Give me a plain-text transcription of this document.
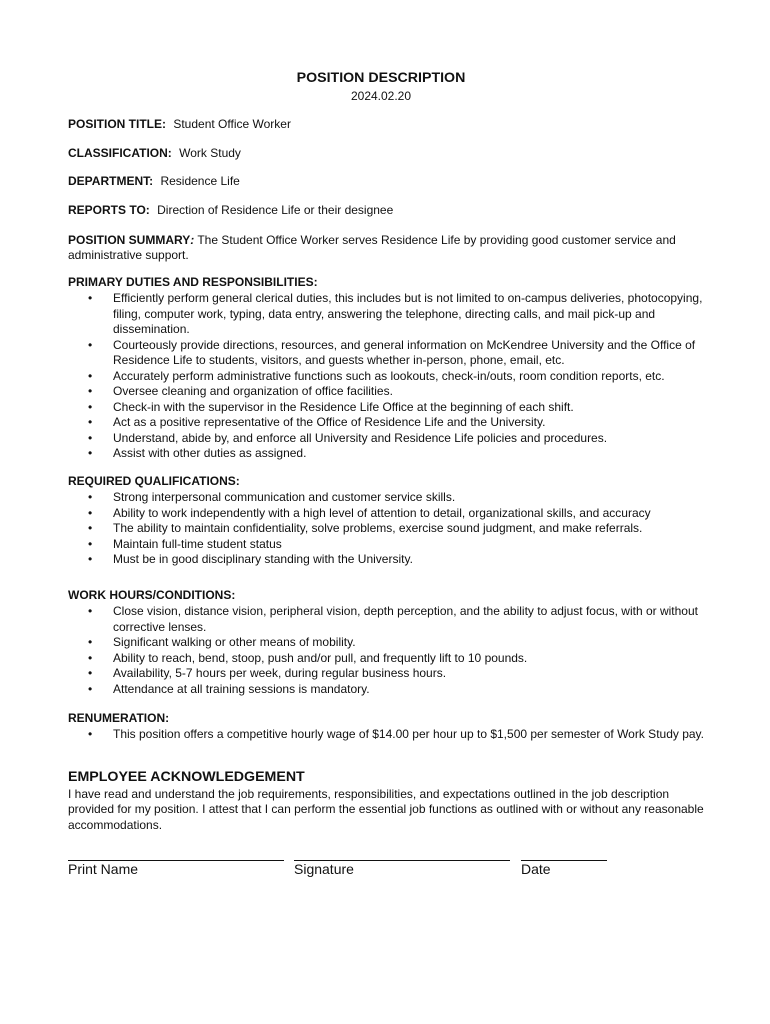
POSITION DESCRIPTION
2024.02.20
POSITION TITLE: Student Office Worker
CLASSIFICATION: Work Study
DEPARTMENT: Residence Life
REPORTS TO: Direction of Residence Life or their designee
POSITION SUMMARY: The Student Office Worker serves Residence Life by providing good customer service and administrative support.
PRIMARY DUTIES AND RESPONSIBILITIES:
• Efficiently perform general clerical duties, this includes but is not limited to on-campus deliveries, photocopying, filing, computer work, typing, data entry, answering the telephone, directing calls, and mail pick-up and dissemination.
• Courteously provide directions, resources, and general information on McKendree University and the Office of Residence Life to students, visitors, and guests whether in-person, phone, email, etc.
• Accurately perform administrative functions such as lookouts, check-in/outs, room condition reports, etc.
• Oversee cleaning and organization of office facilities.
• Check-in with the supervisor in the Residence Life Office at the beginning of each shift.
• Act as a positive representative of the Office of Residence Life and the University.
• Understand, abide by, and enforce all University and Residence Life policies and procedures.
• Assist with other duties as assigned.
REQUIRED QUALIFICATIONS:
• Strong interpersonal communication and customer service skills.
• Ability to work independently with a high level of attention to detail, organizational skills, and accuracy
• The ability to maintain confidentiality, solve problems, exercise sound judgment, and make referrals.
• Maintain full-time student status
• Must be in good disciplinary standing with the University.
WORK HOURS/CONDITIONS:
• Close vision, distance vision, peripheral vision, depth perception, and the ability to adjust focus, with or without corrective lenses.
• Significant walking or other means of mobility.
• Ability to reach, bend, stoop, push and/or pull, and frequently lift to 10 pounds.
• Availability, 5-7 hours per week, during regular business hours.
• Attendance at all training sessions is mandatory.
RENUMERATION:
• This position offers a competitive hourly wage of $14.00 per hour up to $1,500 per semester of Work Study pay.
EMPLOYEE ACKNOWLEDGEMENT
I have read and understand the job requirements, responsibilities, and expectations outlined in the job description provided for my position. I attest that I can perform the essential job functions as outlined with or without any reasonable accommodations.
Print Name	Signature	Date
